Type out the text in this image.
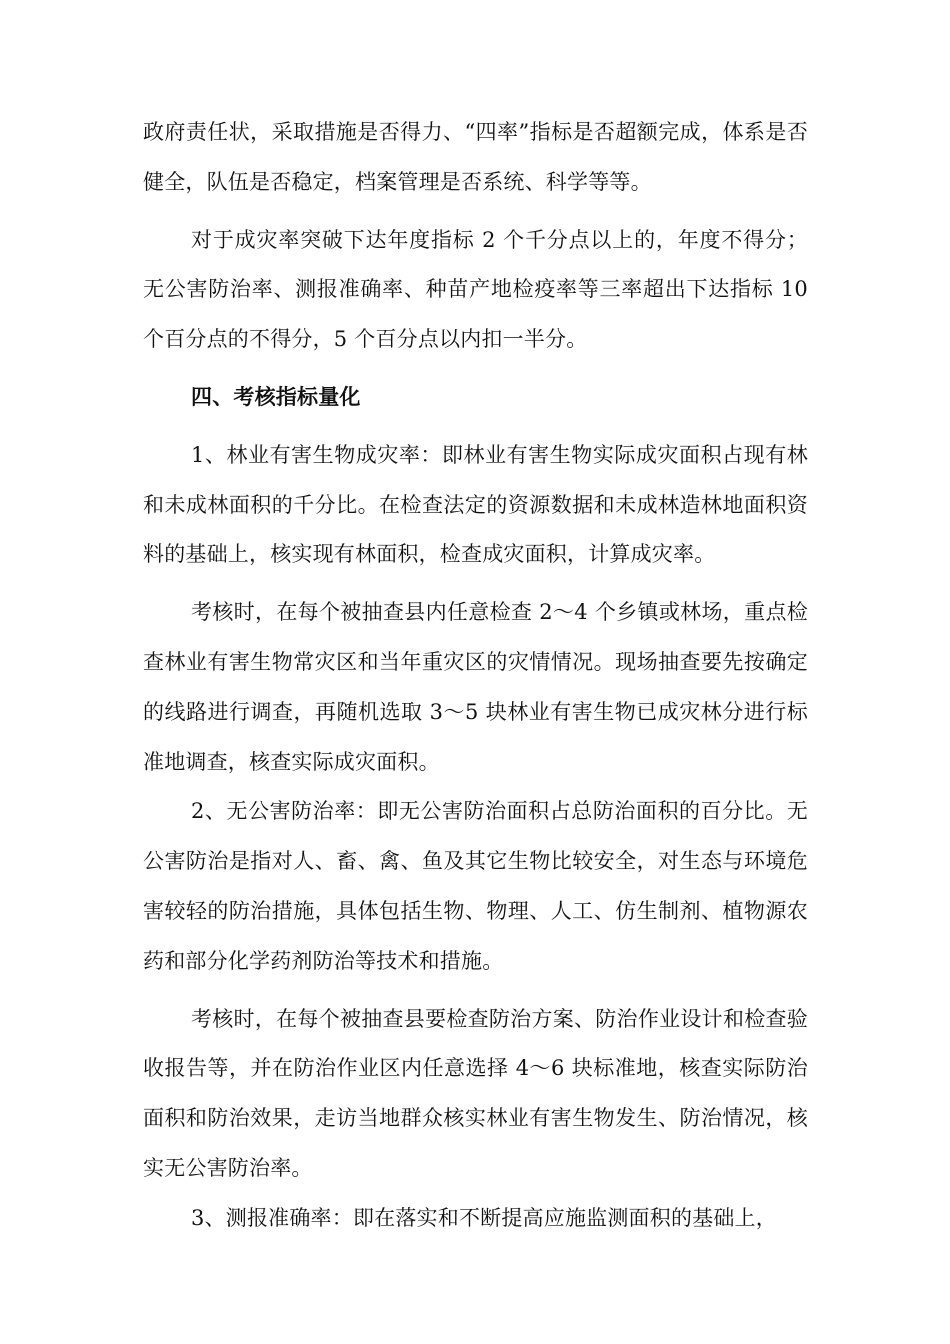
政府责任状，采取措施是否得力、“四率”指标是否超额完成，体系是否健全，队伍是否稳定，档案管理是否系统、科学等等。

对于成灾率突破下达年度指标 2 个千分点以上的，年度不得分；无公害防治率、测报准确率、种苗产地检疫率等三率超出下达指标 10 个百分点的不得分，5 个百分点以内扣一半分。

四、考核指标量化

1、林业有害生物成灾率：即林业有害生物实际成灾面积占现有林和未成林面积的千分比。在检查法定的资源数据和未成林造林地面积资料的基础上，核实现有林面积，检查成灾面积，计算成灾率。

考核时，在每个被抽查县内任意检查 2～4 个乡镇或林场，重点检查林业有害生物常灾区和当年重灾区的灾情情况。现场抽查要先按确定的线路进行调查，再随机选取 3～5 块林业有害生物已成灾林分进行标准地调查，核查实际成灾面积。

2、无公害防治率：即无公害防治面积占总防治面积的百分比。无公害防治是指对人、畜、禽、鱼及其它生物比较安全，对生态与环境危害较轻的防治措施，具体包括生物、物理、人工、仿生制剂、植物源农药和部分化学药剂防治等技术和措施。

考核时，在每个被抽查县要检查防治方案、防治作业设计和检查验收报告等，并在防治作业区内任意选择 4～6 块标准地，核查实际防治面积和防治效果，走访当地群众核实林业有害生物发生、防治情况，核实无公害防治率。

3、测报准确率：即在落实和不断提高应施监测面积的基础上，
